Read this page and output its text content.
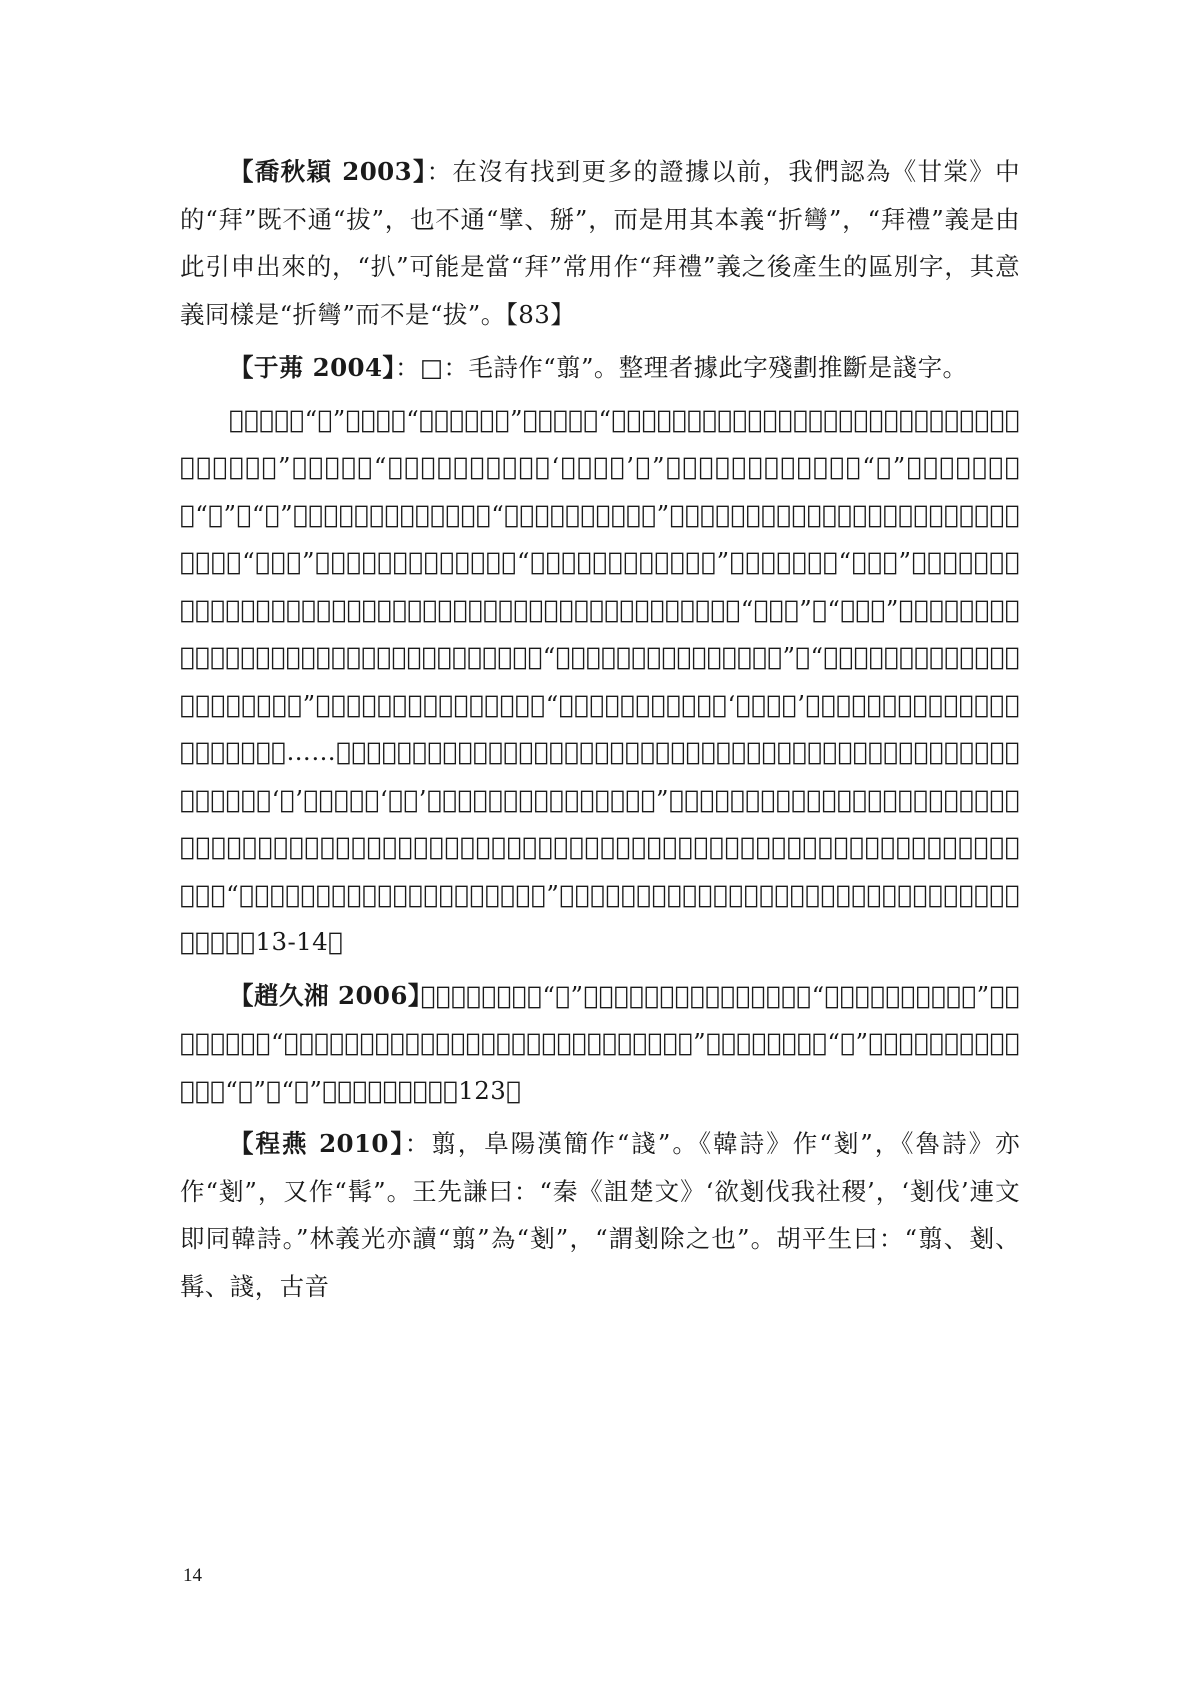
【喬秋穎 2003】：在沒有找到更多的證據以前，我們認為《甘棠》中的“拜”既不通“拔”，也不通“擘、掰”，而是用其本義“折彎”，“拜禮”義是由此引申出來的，“扒”可能是當“拜”常用作“拜禮”義之後產生的區別字，其意義同樣是“折彎”而不是“拔”。【83】

【于茀 2004】：□：毛詩作“翦”。整理者據此字殘劃推斷是諓字。

𢱭：毛詩作“拜”。鄭箋：“拜之言拔也。”《說文》：“𢱭，首至地也，从手、𠦬。𠦬音忽。𢱭，楊雄說拜从兩手下。𢱭，古文拜。”《廣韻》：“扒，拔也。《詩》曰：‘勿翦勿扒’。”陳橋樅根據《廣韻》引詩作“扒”，推斷魯詩、韓詩“拜”作“扒”。王先謙《詩三家義集疏》：“扒、拜，以雙聲通轉。”郭沫若訓拜為拔，此與《說文》不合，而且，後人對許氏所言“首至地”也有不同推測，段玉裁認為：“首至地也者，首，當為手。”二人的理由都是“首至地”是𩒨首。不僅如此，《說文》於此字所列的三個字形𢱭、𢱭、𢱭也很難統一，無論是哪個字形，都與“首至地”或“首至手”不合。因此，近代以來，間有學者對拜字作出重新考釋。其中吳大澂認為“古拜字從手從𠦬，古華字從艸從𠦬”，“拜字古文或作𢱭，或又作𢱭，皆象以手折𠦬形。”（《字說》）郭沫若更明確指出：“拜（𢱭）實拔初字，用為‘拜首𩒨首’字者，乃其引申之義也。今文拜（𢱭）字至多見……均示以手連根拔起艸根之意，解為拔之初字正適，拜手至地有類拔艸卉然，故引申為拜。引申之義行而本義廢，故造‘拔’字以尸之。‘拜手’字有作𢱭者（友簋），其本字也。”從𢱭字的金文字形來看，其所從𠦬旁，上象艸卉形，下象其根，即艸之本，木有本，艸亦有本，隸定作𢱭，其所從𠦬字，上正是卉，下應是本字，而不是《說文》的夲字。《說文》：“夲，進趣也，从大十。大十者，猶兼十人也。”《說文》謂𠦬從夲，訓為疾，是錯誤的。𢱭，當是本字，拜是由𢱭演化而來。【13-14】

【趙久湘 2006】：𢱭：《毛詩》作“拜”。《毛詩・召南・甘棠》第三章：“蔽芾甘棠，勿翦勿拜。”《說文・手部》：“𢱭，首至地也，從手、𠦬，𠦬音忽。拜，楊雄說拜以兩手下。”可見，《說文》以“𢱭”字為正體，而後世通行正體為“拜”，“𢱭”字遂成為了異體。【123】

【程燕 2010】：翦，阜陽漢簡作“諓”。《韓詩》作“剗”，《魯詩》亦作“剗”，又作“髯”。王先謙曰：“秦《詛楚文》‘欲剗伐我社稷’，‘剗伐’連文即同韓詩。”林義光亦讀“翦”為“剗”，“謂剗除之也”。胡平生曰：“翦、剗、髯、諓，古音

14
